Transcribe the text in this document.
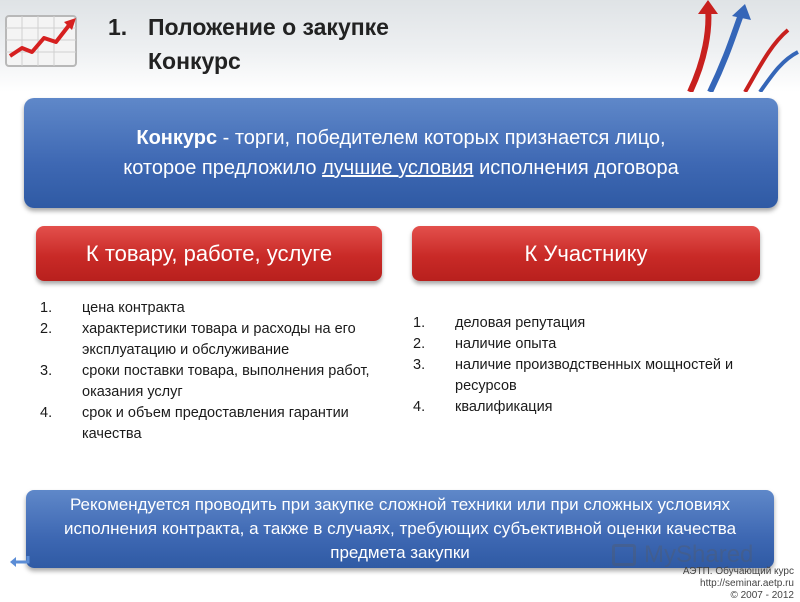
1. Положение о закупке
Конкурс
Конкурс - торги, победителем которых признается лицо,
которое предложило лучшие условия исполнения договора
К товару, работе, услуге	К Участнику
1. цена контракта
2. характеристики товара и расходы на его эксплуатацию и обслуживание
3. сроки поставки товара, выполнения работ, оказания услуг
4. срок и объем предоставления гарантии качества
1. деловая репутация
2. наличие опыта
3. наличие производственных мощностей и ресурсов
4. квалификация
Рекомендуется проводить при закупке сложной техники или при сложных условиях исполнения контракта, а также в случаях, требующих субъективной оценки качества предмета закупки	MyShared
АЭТП. Обучающий курс
http://seminar.aetp.ru
© 2007 - 2012
